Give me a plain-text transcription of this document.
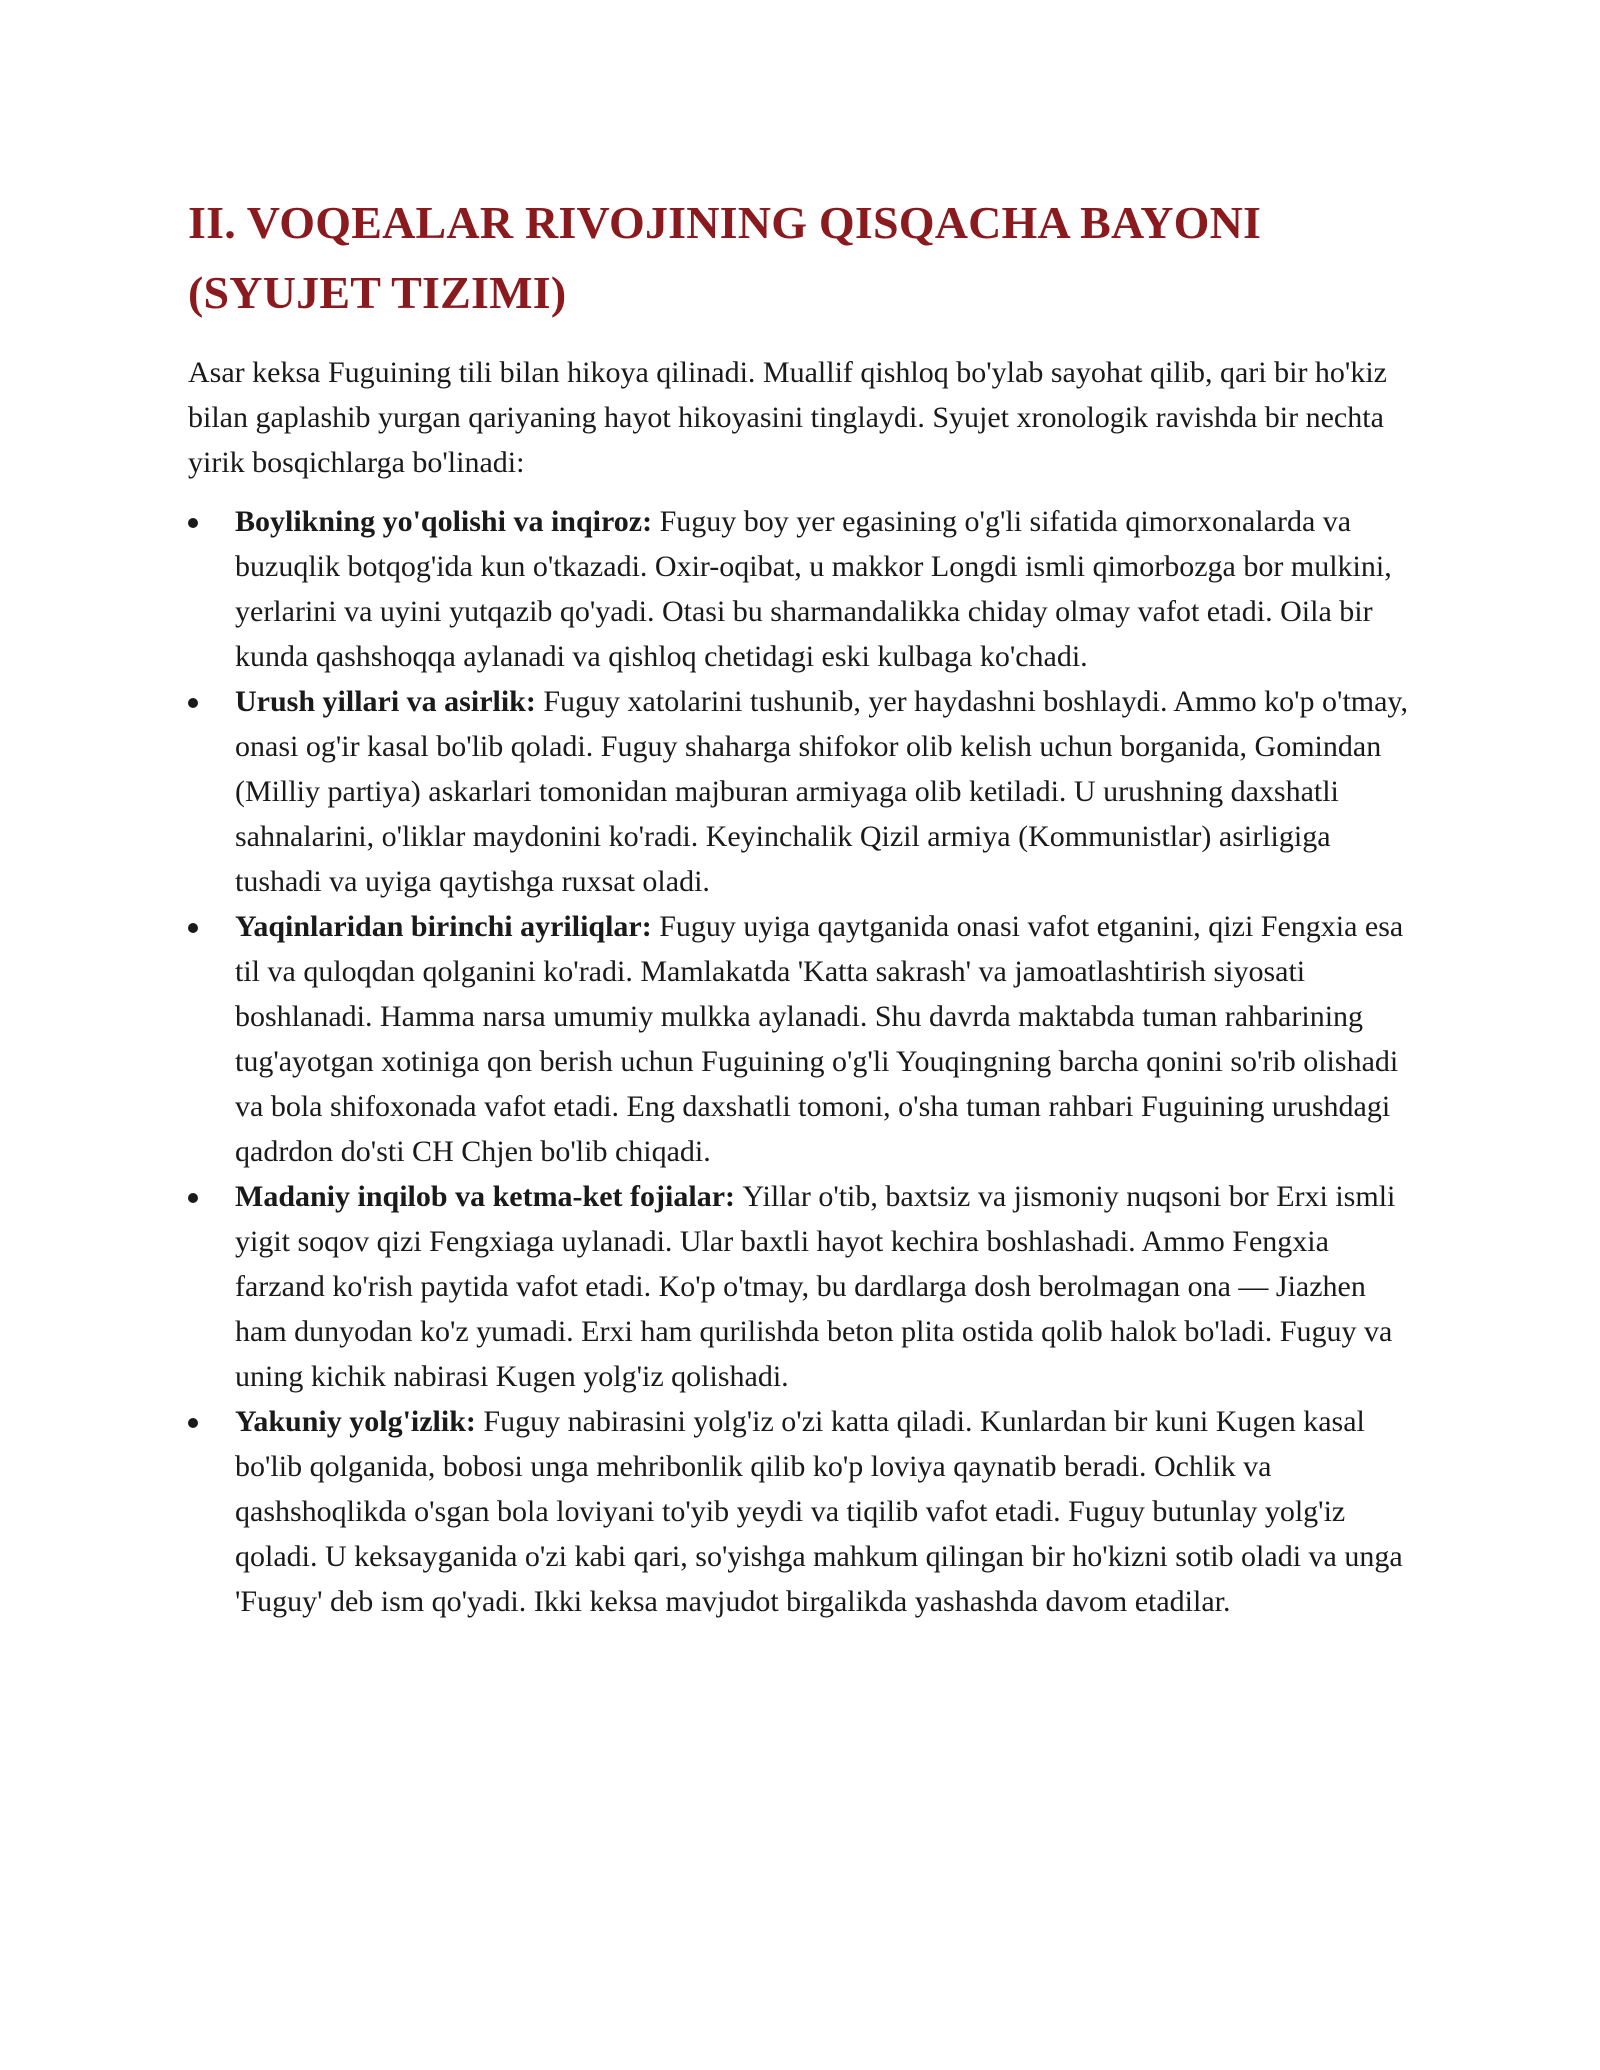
II. VOQEALAR RIVOJINING QISQACHA BAYONI (SYUJET TIZIMI)

Asar keksa Fuguining tili bilan hikoya qilinadi. Muallif qishloq bo'ylab sayohat qilib, qari bir ho'kiz bilan gaplashib yurgan qariyaning hayot hikoyasini tinglaydi. Syujet xronologik ravishda bir nechta yirik bosqichlarga bo'linadi:

Boylikning yo'qolishi va inqiroz: Fuguy boy yer egasining o'g'li sifatida qimorxonalarda va buzuqlik botqog'ida kun o'tkazadi. Oxir-oqibat, u makkor Longdi ismli qimorbozga bor mulkini, yerlarini va uyini yutqazib qo'yadi. Otasi bu sharmandalikka chiday olmay vafot etadi. Oila bir kunda qashshoqqa aylanadi va qishloq chetidagi eski kulbaga ko'chadi.
Urush yillari va asirlik: Fuguy xatolarini tushunib, yer haydashni boshlaydi. Ammo ko'p o'tmay, onasi og'ir kasal bo'lib qoladi. Fuguy shaharga shifokor olib kelish uchun borganida, Gomindan (Milliy partiya) askarlari tomonidan majburan armiyaga olib ketiladi. U urushning daxshatli sahnalarini, o'liklar maydonini ko'radi. Keyinchalik Qizil armiya (Kommunistlar) asirligiga tushadi va uyiga qaytishga ruxsat oladi.
Yaqinlaridan birinchi ayriliqlar: Fuguy uyiga qaytganida onasi vafot etganini, qizi Fengxia esa til va quloqdan qolganini ko'radi. Mamlakatda 'Katta sakrash' va jamoatlashtirish siyosati boshlanadi. Hamma narsa umumiy mulkka aylanadi. Shu davrda maktabda tuman rahbarining tug'ayotgan xotiniga qon berish uchun Fuguining o'g'li Youqingning barcha qonini so'rib olishadi va bola shifoxonada vafot etadi. Eng daxshatli tomoni, o'sha tuman rahbari Fuguining urushdagi qadrdon do'sti CH Chjen bo'lib chiqadi.
Madaniy inqilob va ketma-ket fojialar: Yillar o'tib, baxtsiz va jismoniy nuqsoni bor Erxi ismli yigit soqov qizi Fengxiaga uylanadi. Ular baxtli hayot kechira boshlashadi. Ammo Fengxia farzand ko'rish paytida vafot etadi. Ko'p o'tmay, bu dardlarga dosh berolmagan ona — Jiazhen ham dunyodan ko'z yumadi. Erxi ham qurilishda beton plita ostida qolib halok bo'ladi. Fuguy va uning kichik nabirasi Kugen yolg'iz qolishadi.
Yakuniy yolg'izlik: Fuguy nabirasini yolg'iz o'zi katta qiladi. Kunlardan bir kuni Kugen kasal bo'lib qolganida, bobosi unga mehribonlik qilib ko'p loviya qaynatib beradi. Ochlik va qashshoqlikda o'sgan bola loviyani to'yib yeydi va tiqilib vafot etadi. Fuguy butunlay yolg'iz qoladi. U keksayganida o'zi kabi qari, so'yishga mahkum qilingan bir ho'kizni sotib oladi va unga 'Fuguy' deb ism qo'yadi. Ikki keksa mavjudot birgalikda yashashda davom etadilar.
